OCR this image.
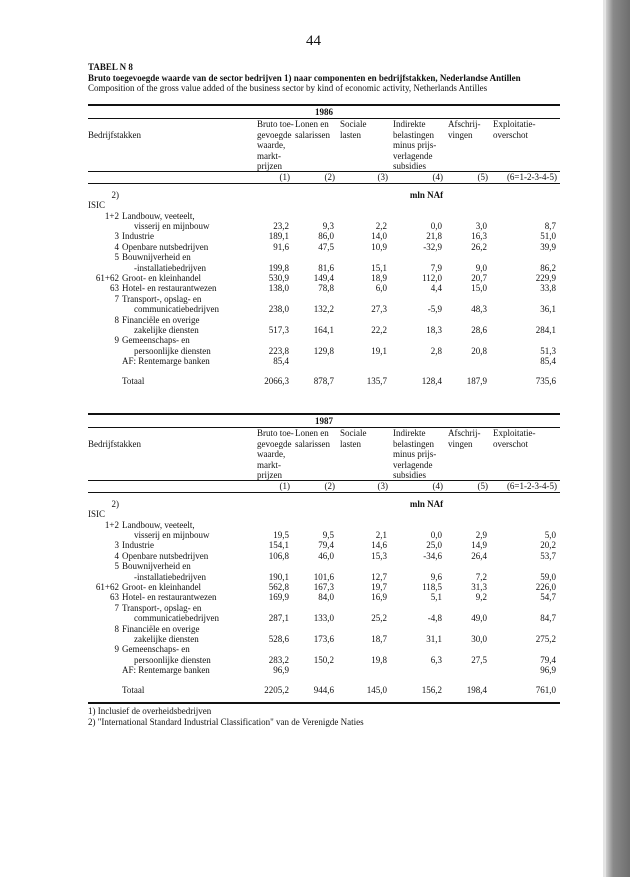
44
TABEL N 8
Bruto toegevoegde waarde van de sector bedrijven 1) naar componenten en bedrijfstakken, Nederlandse Antillen
Composition of the gross value added of the business sector by kind of economic activity, Netherlands Antilles
1986							
		Bruto toe-	Lonen en	Sociale	Indirekte	Afschrij-	Exploitatie-
Bedrijfstakken		gevoegde	salarissen	lasten	belastingen	vingen	overschot
		waarde,			minus prijs-		
		markt-			verlagende		
		prijzen			subsidies		
		(1)	(2)	(3)	(4)	(5)	(6=1-2-3-4-5)

2)			mln NAf				
ISIC							
1+2	Landbouw, veeteelt,						
	visserij en mijnbouw	23,2	9,3	2,2	0,0	3,0	8,7
3	Industrie	189,1	86,0	14,0	21,8	16,3	51,0
4	Openbare nutsbedrijven	91,6	47,5	10,9	-32,9	26,2	39,9
5	Bouwnijverheid en						
	-installatiebedrijven	199,8	81,6	15,1	7,9	9,0	86,2
61+62	Groot- en kleinhandel	530,9	149,4	18,9	112,0	20,7	229,9
63	Hotel- en restaurantwezen	138,0	78,8	6,0	4,4	15,0	33,8
7	Transport-, opslag- en						
	communicatiebedrijven	238,0	132,2	27,3	-5,9	48,3	36,1
8	Financiële en overige						
	zakelijke diensten	517,3	164,1	22,2	18,3	28,6	284,1
9	Gemeenschaps- en						
	persoonlijke diensten	223,8	129,8	19,1	2,8	20,8	51,3
	AF: Rentemarge banken	85,4					85,4

	Totaal	2066,3	878,7	135,7	128,4	187,9	735,6
1987							
		Bruto toe-	Lonen en	Sociale	Indirekte	Afschrij-	Exploitatie-
Bedrijfstakken		gevoegde	salarissen	lasten	belastingen	vingen	overschot
		waarde,			minus prijs-		
		markt-			verlagende		
		prijzen			subsidies		
		(1)	(2)	(3)	(4)	(5)	(6=1-2-3-4-5)

2)			mln NAf				
ISIC							
1+2	Landbouw, veeteelt,						
	visserij en mijnbouw	19,5	9,5	2,1	0,0	2,9	5,0
3	Industrie	154,1	79,4	14,6	25,0	14,9	20,2
4	Openbare nutsbedrijven	106,8	46,0	15,3	-34,6	26,4	53,7
5	Bouwnijverheid en						
	-installatiebedrijven	190,1	101,6	12,7	9,6	7,2	59,0
61+62	Groot- en kleinhandel	562,8	167,3	19,7	118,5	31,3	226,0
63	Hotel- en restaurantwezen	169,9	84,0	16,9	5,1	9,2	54,7
7	Transport-, opslag- en						
	communicatiebedrijven	287,1	133,0	25,2	-4,8	49,0	84,7
8	Financiële en overige						
	zakelijke diensten	528,6	173,6	18,7	31,1	30,0	275,2
9	Gemeenschaps- en						
	persoonlijke diensten	283,2	150,2	19,8	6,3	27,5	79,4
	AF: Rentemarge banken	96,9					96,9

	Totaal	2205,2	944,6	145,0	156,2	198,4	761,0
1) Inclusief de overheidsbedrijven
2) "International Standard Industrial Classification" van de Verenigde Naties
